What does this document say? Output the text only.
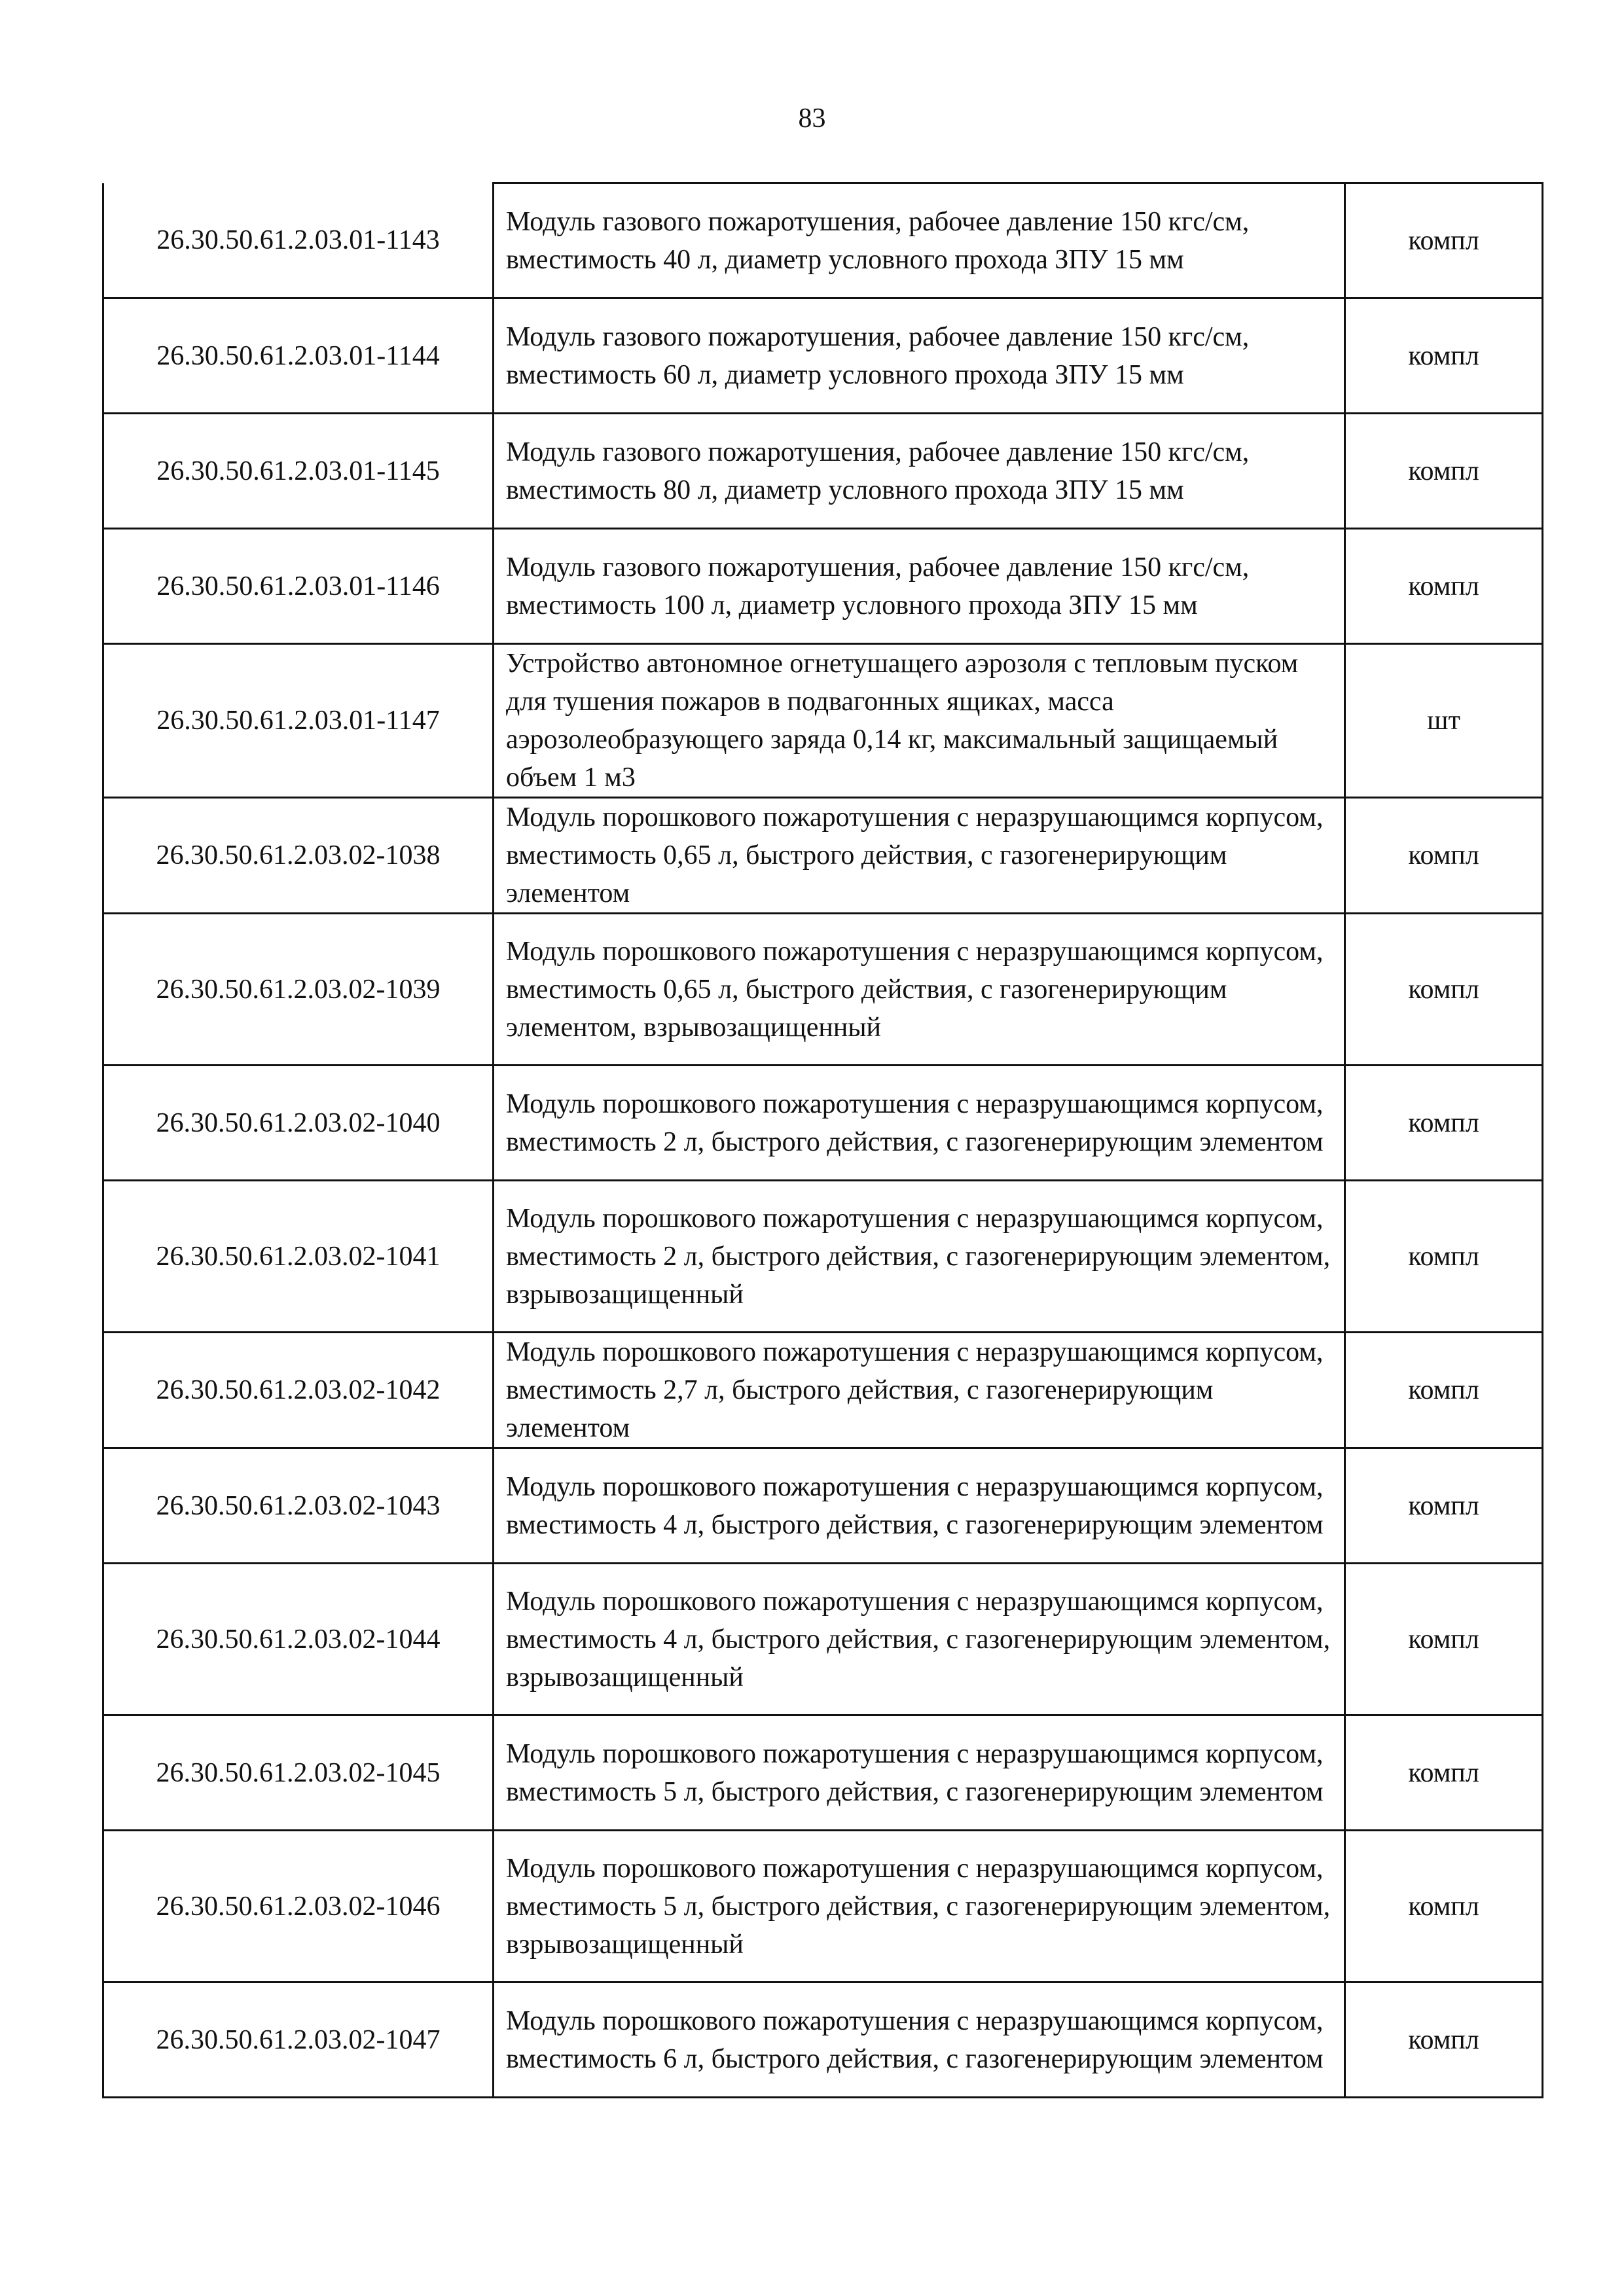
83
26.30.50.61.2.03.01-1143	Модуль газового пожаротушения, рабочее давление 150 кгс/см, вместимость 40 л, диаметр условного прохода ЗПУ 15 мм	компл
26.30.50.61.2.03.01-1144	Модуль газового пожаротушения, рабочее давление 150 кгс/см, вместимость 60 л, диаметр условного прохода ЗПУ 15 мм	компл
26.30.50.61.2.03.01-1145	Модуль газового пожаротушения, рабочее давление 150 кгс/см, вместимость 80 л, диаметр условного прохода ЗПУ 15 мм	компл
26.30.50.61.2.03.01-1146	Модуль газового пожаротушения, рабочее давление 150 кгс/см, вместимость 100 л, диаметр условного прохода ЗПУ 15 мм	компл
26.30.50.61.2.03.01-1147	Устройство автономное огнетушащего аэрозоля с тепловым пуском для тушения пожаров в подвагонных ящиках, масса аэрозолеобразующего заряда 0,14 кг, максимальный защищаемый объем 1 м3	шт
26.30.50.61.2.03.02-1038	Модуль порошкового пожаротушения с неразрушающимся корпусом, вместимость 0,65 л, быстрого действия, с газогенерирующим элементом	компл
26.30.50.61.2.03.02-1039	Модуль порошкового пожаротушения с неразрушающимся корпусом, вместимость 0,65 л, быстрого действия, с газогенерирующим элементом, взрывозащищенный	компл
26.30.50.61.2.03.02-1040	Модуль порошкового пожаротушения с неразрушающимся корпусом, вместимость 2 л, быстрого действия, с газогенерирующим элементом	компл
26.30.50.61.2.03.02-1041	Модуль порошкового пожаротушения с неразрушающимся корпусом, вместимость 2 л, быстрого действия, с газогенерирующим элементом, взрывозащищенный	компл
26.30.50.61.2.03.02-1042	Модуль порошкового пожаротушения с неразрушающимся корпусом, вместимость 2,7 л, быстрого действия, с газогенерирующим элементом	компл
26.30.50.61.2.03.02-1043	Модуль порошкового пожаротушения с неразрушающимся корпусом, вместимость 4 л, быстрого действия, с газогенерирующим элементом	компл
26.30.50.61.2.03.02-1044	Модуль порошкового пожаротушения с неразрушающимся корпусом, вместимость 4 л, быстрого действия, с газогенерирующим элементом, взрывозащищенный	компл
26.30.50.61.2.03.02-1045	Модуль порошкового пожаротушения с неразрушающимся корпусом, вместимость 5 л, быстрого действия, с газогенерирующим элементом	компл
26.30.50.61.2.03.02-1046	Модуль порошкового пожаротушения с неразрушающимся корпусом, вместимость 5 л, быстрого действия, с газогенерирующим элементом, взрывозащищенный	компл
26.30.50.61.2.03.02-1047	Модуль порошкового пожаротушения с неразрушающимся корпусом, вместимость 6 л, быстрого действия, с газогенерирующим элементом	компл
